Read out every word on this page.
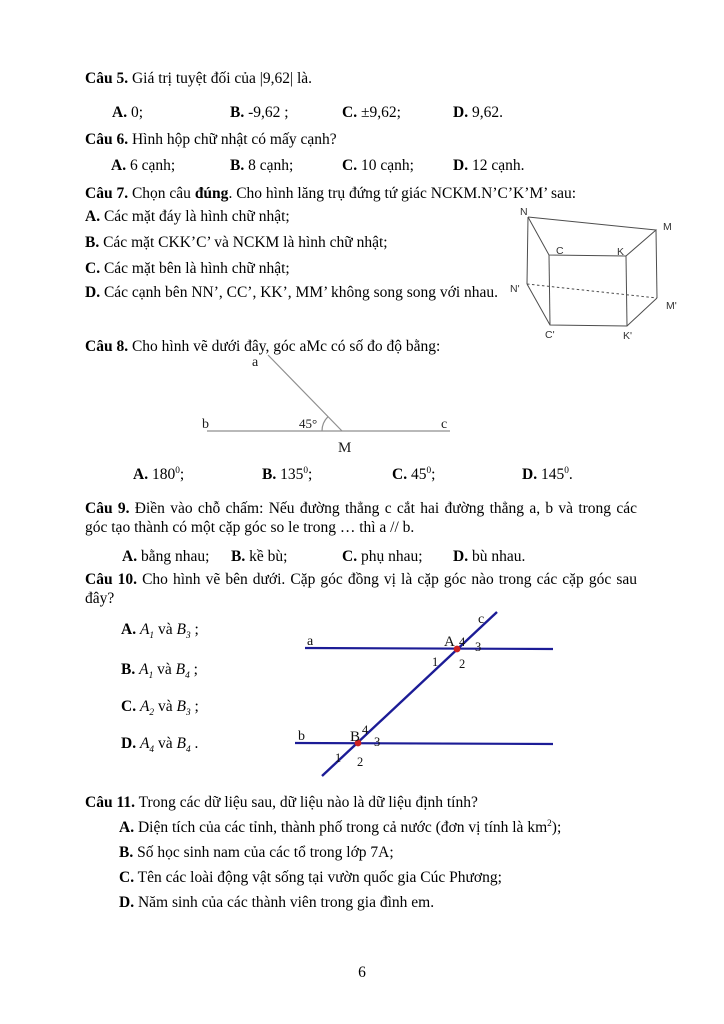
Câu 5. Giá trị tuyệt đối của |9,62| là.
A. 0;	B. -9,62 ;	C. ±9,62;	D. 9,62.
Câu 6. Hình hộp chữ nhật có mấy cạnh?
A. 6 cạnh;	B. 8 cạnh;	C. 10 cạnh;	D. 12 cạnh.
Câu 7. Chọn câu đúng. Cho hình lăng trụ đứng tứ giác NCKM.N’C’K’M’ sau:
A. Các mặt đáy là hình chữ nhật;
B. Các mặt CKK’C’ và NCKM là hình chữ nhật;
C. Các mặt bên là hình chữ nhật;
D. Các cạnh bên NN’, CC’, KK’, MM’ không song song với nhau.
N
M
C	K
N'
M'
C'	K'
Câu 8. Cho hình vẽ dưới đây, góc aMc có số đo độ bằng:
a
b	c
45°
M
A. $180^0$;	B. $135^0$;	C. $45^0$;	D. $145^0$.
Câu 9. Điền vào chỗ chấm: Nếu đường thẳng c cắt hai đường thẳng a, b và trong các
góc tạo thành có một cặp góc so le trong … thì a // b.
A. bằng nhau; B. kề bù;	C. phụ nhau; D. bù nhau.
Câu 10. Cho hình vẽ bên dưới. Cặp góc đồng vị là cặp góc nào trong các cặp góc sau
đây?
A. $A_1$ và $B_3$ ;
B. $A_1$ và $B_4$ ;
C. $A_2$ và $B_3$ ;
D. $A_4$ và $B_4$ .
a
b
c
A 4 3
1 2
B 4
3
1 2
Câu 11. Trong các dữ liệu sau, dữ liệu nào là dữ liệu định tính?
A. Diện tích của các tỉnh, thành phố trong cả nước (đơn vị tính là $km^2$);
B. Số học sinh nam của các tổ trong lớp 7A;
C. Tên các loài động vật sống tại vườn quốc gia Cúc Phương;
D. Năm sinh của các thành viên trong gia đình em.
6
